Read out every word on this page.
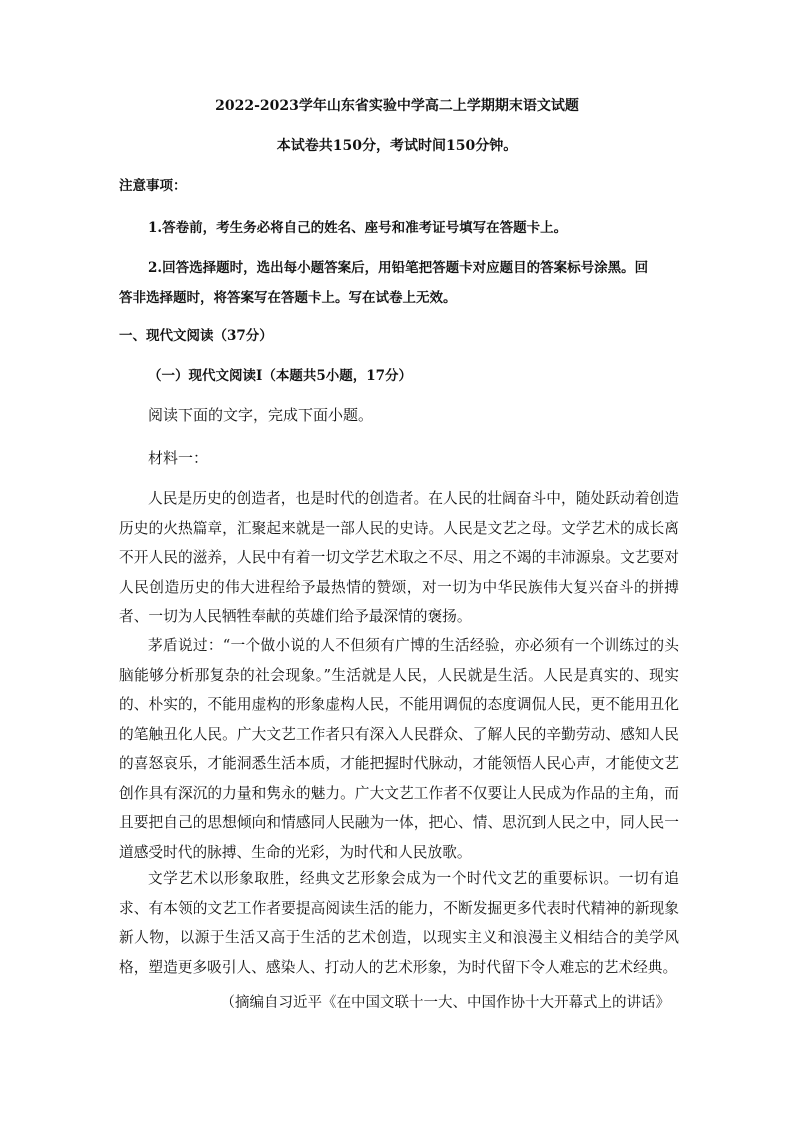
2022-2023学年山东省实验中学高二上学期期末语文试题
本试卷共150分，考试时间150分钟。
注意事项：
1.答卷前，考生务必将自己的姓名、座号和准考证号填写在答题卡上。
2.回答选择题时，选出每小题答案后，用铅笔把答题卡对应题目的答案标号涂黑。回
答非选择题时，将答案写在答题卡上。写在试卷上无效。
一、现代文阅读（37分）
（一）现代文阅读Ⅰ（本题共5小题，17分）
阅读下面的文字，完成下面小题。
材料一：
人民是历史的创造者，也是时代的创造者。在人民的壮阔奋斗中，随处跃动着创造历史的火热篇章，汇聚起来就是一部人民的史诗。人民是文艺之母。文学艺术的成长离不开人民的滋养，人民中有着一切文学艺术取之不尽、用之不竭的丰沛源泉。文艺要对人民创造历史的伟大进程给予最热情的赞颂，对一切为中华民族伟大复兴奋斗的拼搏者、一切为人民牺牲奉献的英雄们给予最深情的褒扬。
茅盾说过：“一个做小说的人不但须有广博的生活经验，亦必须有一个训练过的头脑能够分析那复杂的社会现象。”生活就是人民，人民就是生活。人民是真实的、现实的、朴实的，不能用虚构的形象虚构人民，不能用调侃的态度调侃人民，更不能用丑化的笔触丑化人民。广大文艺工作者只有深入人民群众、了解人民的辛勤劳动、感知人民的喜怒哀乐，才能洞悉生活本质，才能把握时代脉动，才能领悟人民心声，才能使文艺创作具有深沉的力量和隽永的魅力。广大文艺工作者不仅要让人民成为作品的主角，而且要把自己的思想倾向和情感同人民融为一体，把心、情、思沉到人民之中，同人民一道感受时代的脉搏、生命的光彩，为时代和人民放歌。
文学艺术以形象取胜，经典文艺形象会成为一个时代文艺的重要标识。一切有追求、有本领的文艺工作者要提高阅读生活的能力，不断发掘更多代表时代精神的新现象新人物，以源于生活又高于生活的艺术创造，以现实主义和浪漫主义相结合的美学风格，塑造更多吸引人、感染人、打动人的艺术形象，为时代留下令人难忘的艺术经典。
（摘编自习近平《在中国文联十一大、中国作协十大开幕式上的讲话》
